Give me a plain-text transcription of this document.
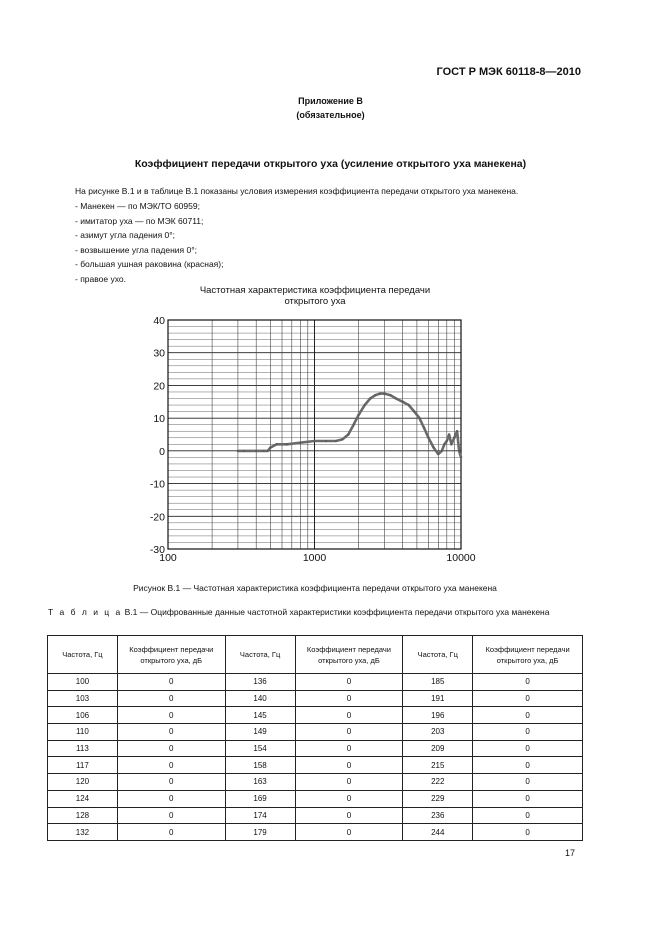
ГОСТ Р МЭК 60118-8—2010
Приложение В
(обязательное)
Коэффициент передачи открытого уха (усиление открытого уха манекена)
На рисунке В.1 и в таблице В.1 показаны условия измерения коэффициента передачи открытого уха манекена.
- Манекен — по МЭК/ТО 60959;
- имитатор уха — по МЭК 60711;
- азимут угла падения 0°;
- возвышение угла падения 0°;
- большая ушная раковина (красная);
- правое ухо.
Частотная характеристика коэффициента передачи
открытого уха
40
30
20
10
0
-10
-20
-30
100	1000	10000
Рисунок В.1 — Частотная характеристика коэффициента передачи открытого уха манекена
Т а б л и ц а В.1 — Оцифрованные данные частотной характеристики коэффициента передачи открытого уха манекена
Частота, Гц	Коэффициент передачи открытого уха, дБ	Частота, Гц	Коэффициент передачи открытого уха, дБ	Частота, Гц	Коэффициент передачи открытого уха, дБ
100	0	136	0	185	0
103	0	140	0	191	0
106	0	145	0	196	0
110	0	149	0	203	0
113	0	154	0	209	0
117	0	158	0	215	0
120	0	163	0	222	0
124	0	169	0	229	0
128	0	174	0	236	0
132	0	179	0	244	0
17
